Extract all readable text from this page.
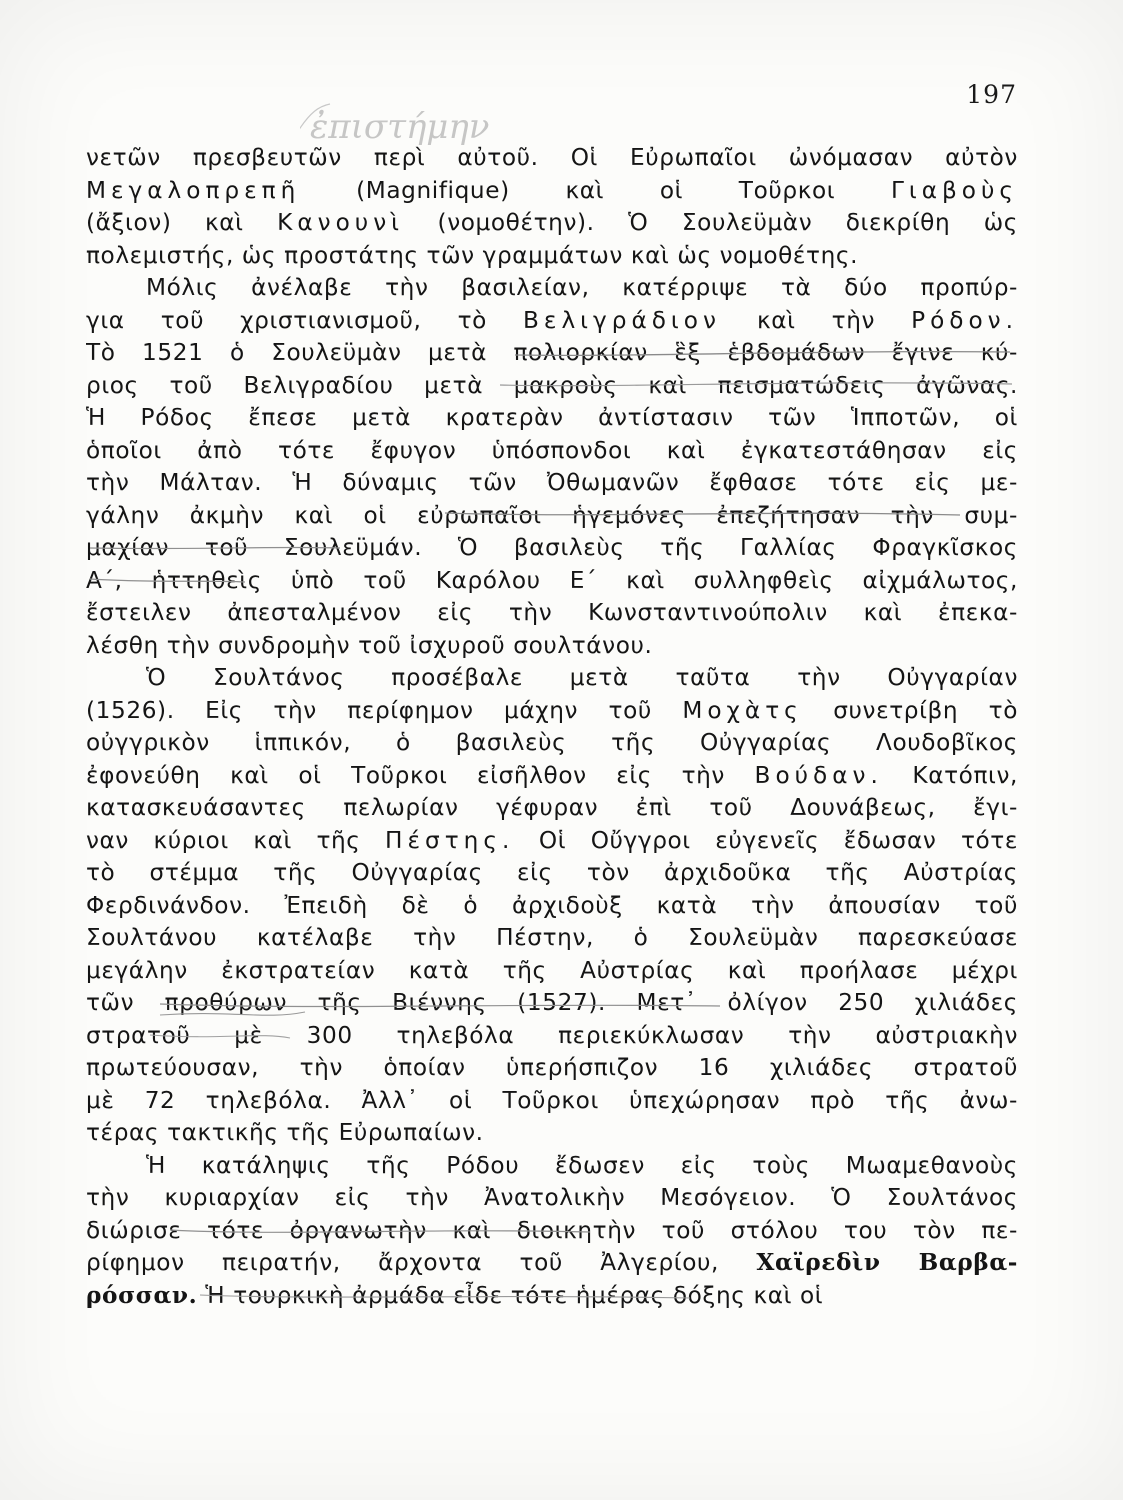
197
ἐπιστήμην
νετῶν πρεσβευτῶν περὶ αὐτοῦ. Οἱ Εὐρωπαῖοι ὠνόμασαν αὐτὸν
Μεγαλοπρεπῆ (Magnifique) καὶ οἱ Τοῦρκοι Γιαβοὺς
(ἄξιον) καὶ Κανουνὶ (νομοθέτην). Ὁ Σουλεϋμὰν διεκρίθη ὡς
πολεμιστής, ὡς προστάτης τῶν γραμμάτων καὶ ὡς νομοθέτης.
Μόλις ἀνέλαβε τὴν βασιλείαν, κατέρριψε τὰ δύο προπύρ-
για τοῦ χριστιανισμοῦ, τὸ Βελιγράδιον καὶ τὴν Ρόδον.
Τὸ 1521 ὁ Σουλεϋμὰν μετὰ πολιορκίαν ἓξ ἑβδομάδων ἔγινε κύ-
ριος τοῦ Βελιγραδίου μετὰ μακροὺς καὶ πεισματώδεις ἀγῶνας.
Ἡ Ρόδος ἔπεσε μετὰ κρατερὰν ἀντίστασιν τῶν Ἱπποτῶν, οἱ
ὁποῖοι ἀπὸ τότε ἔφυγον ὑπόσπονδοι καὶ ἐγκατεστάθησαν εἰς
τὴν Μάλταν. Ἡ δύναμις τῶν Ὀθωμανῶν ἔφθασε τότε εἰς με-
γάλην ἀκμὴν καὶ οἱ εὐρωπαῖοι ἡγεμόνες ἐπεζήτησαν τὴν συμ-
μαχίαν τοῦ Σουλεϋμάν. Ὁ βασιλεὺς τῆς Γαλλίας Φραγκῖσκος
Α΄, ἡττηθεὶς ὑπὸ τοῦ Καρόλου Ε΄ καὶ συλληφθεὶς αἰχμάλωτος,
ἔστειλεν ἀπεσταλμένον εἰς τὴν Κωνσταντινούπολιν καὶ ἐπεκα-
λέσθη τὴν συνδρομὴν τοῦ ἰσχυροῦ σουλτάνου.
Ὁ Σουλτάνος προσέβαλε μετὰ ταῦτα τὴν Οὐγγαρίαν
(1526). Εἰς τὴν περίφημον μάχην τοῦ Μοχὰτς συνετρίβη τὸ
οὐγγρικὸν ἱππικόν, ὁ βασιλεὺς τῆς Οὐγγαρίας Λουδοβῖκος
ἐφονεύθη καὶ οἱ Τοῦρκοι εἰσῆλθον εἰς τὴν Βούδαν. Κατόπιν,
κατασκευάσαντες πελωρίαν γέφυραν ἐπὶ τοῦ Δουνάβεως, ἔγι-
ναν κύριοι καὶ τῆς Πέστης. Οἱ Οὔγγροι εὐγενεῖς ἔδωσαν τότε
τὸ στέμμα τῆς Οὐγγαρίας εἰς τὸν ἀρχιδοῦκα τῆς Αὐστρίας
Φερδινάνδον. Ἐπειδὴ δὲ ὁ ἀρχιδοὺξ κατὰ τὴν ἀπουσίαν τοῦ
Σουλτάνου κατέλαβε τὴν Πέστην, ὁ Σουλεϋμὰν παρεσκεύασε
μεγάλην ἐκστρατείαν κατὰ τῆς Αὐστρίας καὶ προήλασε μέχρι
τῶν προθύρων τῆς Βιέννης (1527). Μετ᾽ ὀλίγον 250 χιλιάδες
στρατοῦ μὲ 300 τηλεβόλα περιεκύκλωσαν τὴν αὐστριακὴν
πρωτεύουσαν, τὴν ὁποίαν ὑπερήσπιζον 16 χιλιάδες στρατοῦ
μὲ 72 τηλεβόλα. Ἀλλ᾽ οἱ Τοῦρκοι ὑπεχώρησαν πρὸ τῆς ἀνω-
τέρας τακτικῆς τῆς Εὐρωπαίων.
Ἡ κατάληψις τῆς Ρόδου ἔδωσεν εἰς τοὺς Μωαμεθανοὺς
τὴν κυριαρχίαν εἰς τὴν Ἀνατολικὴν Μεσόγειον. Ὁ Σουλτάνος
διώρισε τότε ὀργανωτὴν καὶ διοικητὴν τοῦ στόλου του τὸν πε-
ρίφημον πειρατήν, ἄρχοντα τοῦ Ἀλγερίου, Χαϊρεδὶν Βαρβα-
ρόσσαν. Ἡ τουρκικὴ ἀρμάδα εἶδε τότε ἡμέρας δόξης καὶ οἱ
